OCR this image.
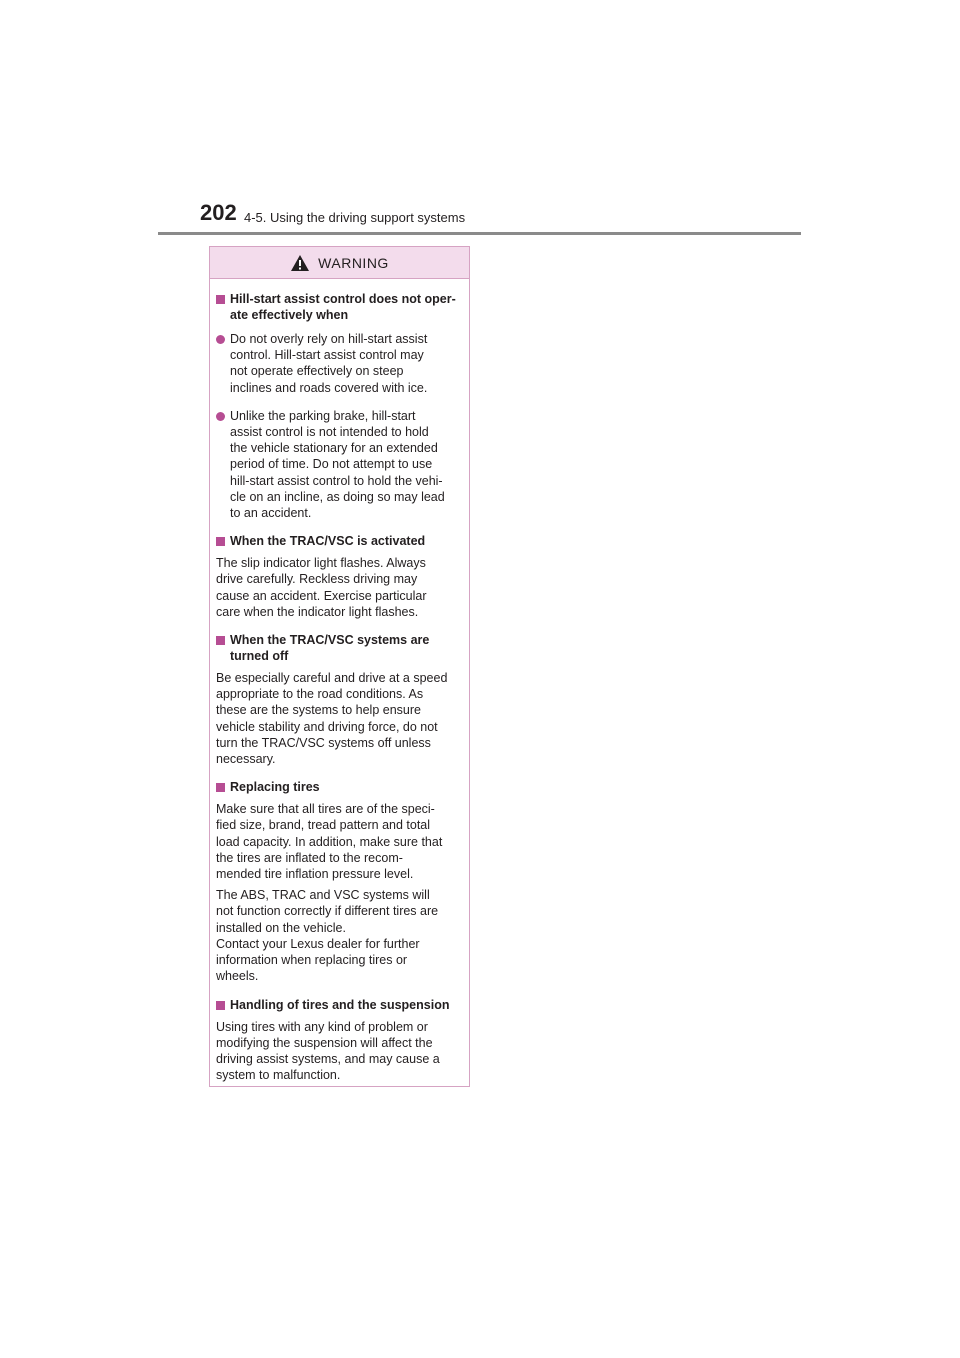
202 4-5. Using the driving support systems
WARNING
Hill-start assist control does not oper-
ate effectively when
Do not overly rely on hill-start assist
control. Hill-start assist control may
not operate effectively on steep
inclines and roads covered with ice.
Unlike the parking brake, hill-start
assist control is not intended to hold
the vehicle stationary for an extended
period of time. Do not attempt to use
hill-start assist control to hold the vehi-
cle on an incline, as doing so may lead
to an accident.
When the TRAC/VSC is activated
The slip indicator light flashes. Always
drive carefully. Reckless driving may
cause an accident. Exercise particular
care when the indicator light flashes.
When the TRAC/VSC systems are
turned off
Be especially careful and drive at a speed
appropriate to the road conditions. As
these are the systems to help ensure
vehicle stability and driving force, do not
turn the TRAC/VSC systems off unless
necessary.
Replacing tires
Make sure that all tires are of the speci-
fied size, brand, tread pattern and total
load capacity. In addition, make sure that
the tires are inflated to the recom-
mended tire inflation pressure level.
The ABS, TRAC and VSC systems will
not function correctly if different tires are
installed on the vehicle.
Contact your Lexus dealer for further
information when replacing tires or
wheels.
Handling of tires and the suspension
Using tires with any kind of problem or
modifying the suspension will affect the
driving assist systems, and may cause a
system to malfunction.
